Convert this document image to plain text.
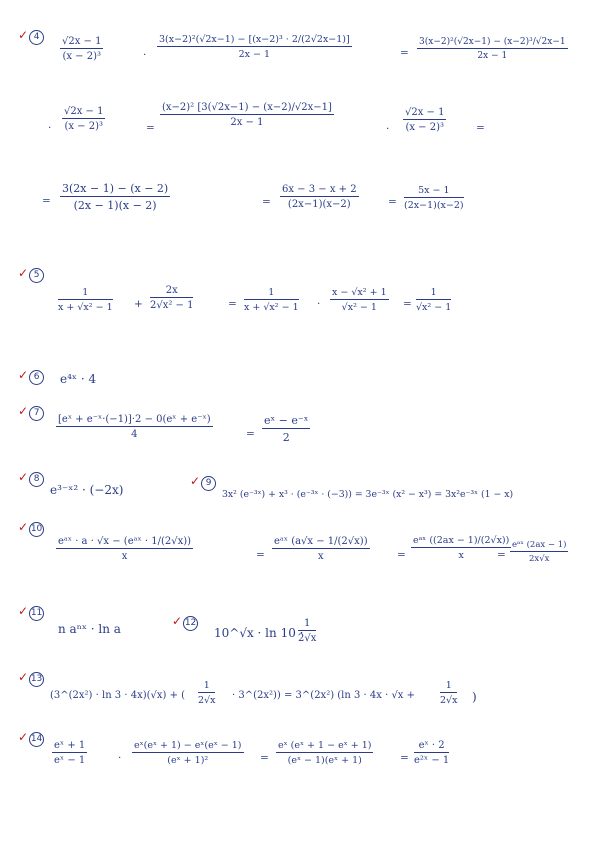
✓ 4	$\frac{√2x - 1}{\text{(x − 2)³}}$	· $\frac{\text{3(x−2)²(√2x−1) − [(x−2)³ · 2/(2√2x−1)]}}{2x - 1}$	= $\frac{\text{3(x−2)²(√2x−1) − (x−2)³/√2x−1}}{2x - 1}$
· $\frac{√2x - 1}{\text{(x − 2)³}}$	= $\frac{\text{(x−2)² [3(√2x−1) − (x−2)/√2x−1]}}{2x - 1}$
· $\frac{√2x - 1}{\text{(x − 2)³}}$	=
= $\frac{3(2x - 1) - (x - 2)}{(2x - 1)(x - 2)}$	= $\frac{6x - 3 - x + 2}{(2x-1)(x-2)}$	= $\frac{5x - 1}{(2x-1)(x-2)}$
✓ 5
$\frac{1}{\text{x + √x² − 1}} + \frac{2x}{\text{2√x² − 1}}$	= $\frac{1}{\text{x + √x² − 1}} \cdot \frac{\text{x − √x² + 1}}{\text{√x² − 1}} = \frac{1}{\text{√x² − 1}}$
✓ 6	e⁴ˣ · 4
✓ 7
$\frac{\text{[eˣ + e⁻ˣ·(−1)]·2 − 0(eˣ + e⁻ˣ)}}{4}$	= $\frac{\text{eˣ − e⁻ˣ}}{2}$
✓ 8
e³⁻ˣ² · (−2x)
✓ 9
3x² (e⁻³ˣ) + x³ · (e⁻³ˣ · (−3)) = 3e⁻³ˣ (x² − x³) = 3x²e⁻³ˣ (1 − x)
✓ 10
eᵃˣ · a · √x − (eᵃˣ · 1/(2√x))
x	=
eᵃˣ (a√x − 1/(2√x))
x	=
eᵃˣ ((2ax − 1)/(2√x))
x	=
eᵃˣ (2ax − 1)
2x√x
✓ 11
n aⁿˣ · ln a
✓ 12
10^√x · ln 10 ·
$\frac{1}{2√x}$
✓ 13
(3^(2x²) · ln 3 · 4x)(√x) + ( $\frac{1}{2√x}$ · 3^(2x²)) = 3^(2x²) (ln 3 · 4x · √x +	$\frac{1}{2√x}$ )
✓ 14
$\frac{\text{eˣ + 1}}{\text{eˣ − 1}}$	· $\frac{\text{eˣ(eˣ + 1) − eˣ(eˣ − 1)}}{\text{(eˣ + 1)²}} = \frac{\text{eˣ (eˣ + 1 − eˣ + 1)}}{\text{(eˣ − 1)(eˣ + 1)}}$	= $\frac{\text{eˣ · 2}}{\text{e²ˣ − 1}}$
